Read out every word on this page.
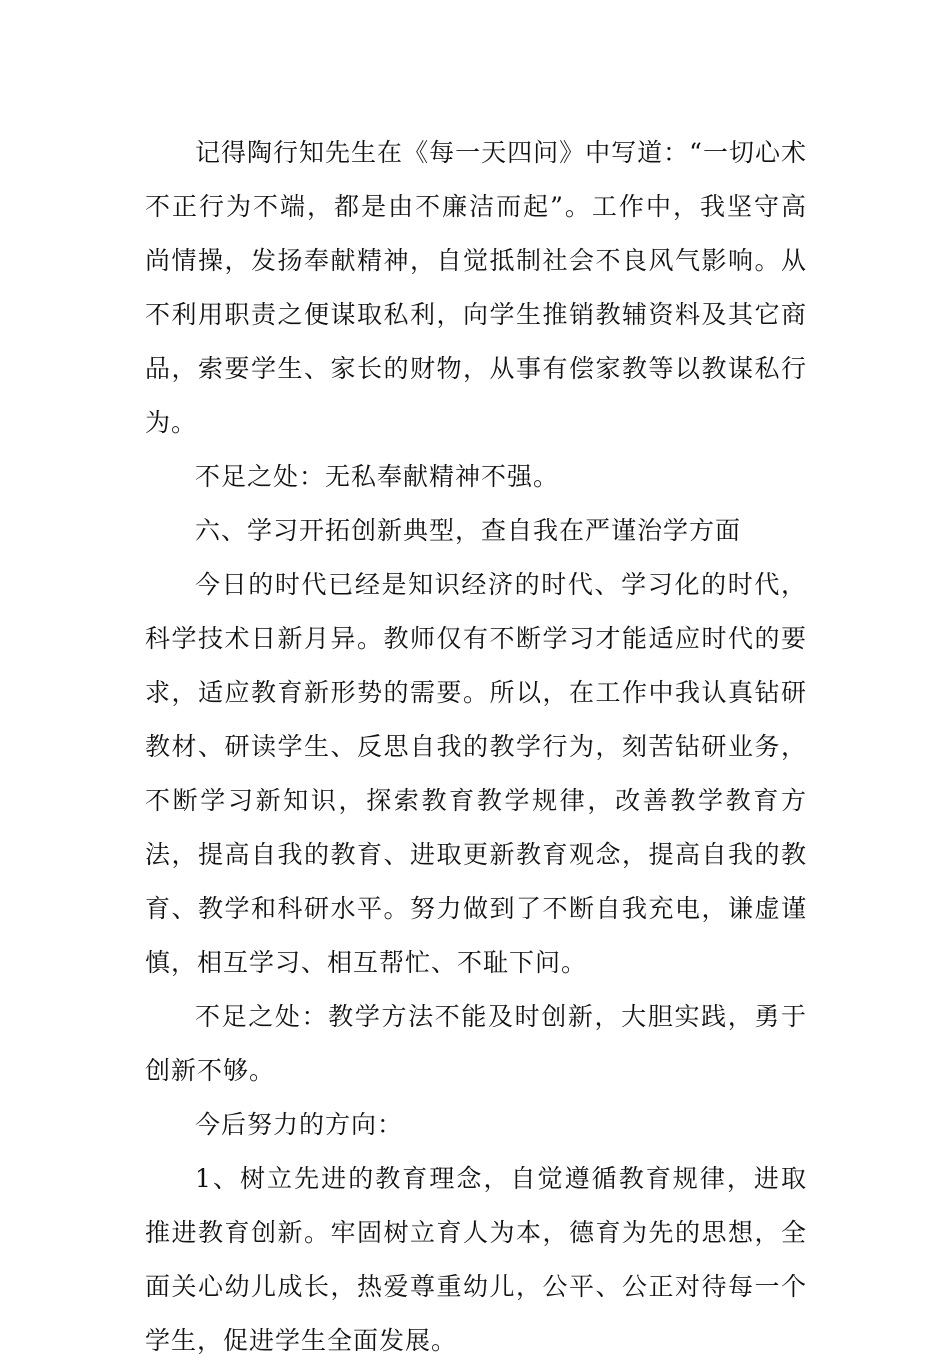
记得陶行知先生在《每一天四问》中写道：“一切心术不正行为不端，都是由不廉洁而起”。工作中，我坚守高尚情操，发扬奉献精神，自觉抵制社会不良风气影响。从不利用职责之便谋取私利，向学生推销教辅资料及其它商品，索要学生、家长的财物，从事有偿家教等以教谋私行为。

不足之处：无私奉献精神不强。

六、学习开拓创新典型，查自我在严谨治学方面

今日的时代已经是知识经济的时代、学习化的时代，科学技术日新月异。教师仅有不断学习才能适应时代的要求，适应教育新形势的需要。所以，在工作中我认真钻研教材、研读学生、反思自我的教学行为，刻苦钻研业务，不断学习新知识，探索教育教学规律，改善教学教育方法，提高自我的教育、进取更新教育观念，提高自我的教育、教学和科研水平。努力做到了不断自我充电，谦虚谨慎，相互学习、相互帮忙、不耻下问。

不足之处：教学方法不能及时创新，大胆实践，勇于创新不够。

今后努力的方向：

1、树立先进的教育理念，自觉遵循教育规律，进取推进教育创新。牢固树立育人为本，德育为先的思想，全面关心幼儿成长，热爱尊重幼儿，公平、公正对待每一个学生，促进学生全面发展。
